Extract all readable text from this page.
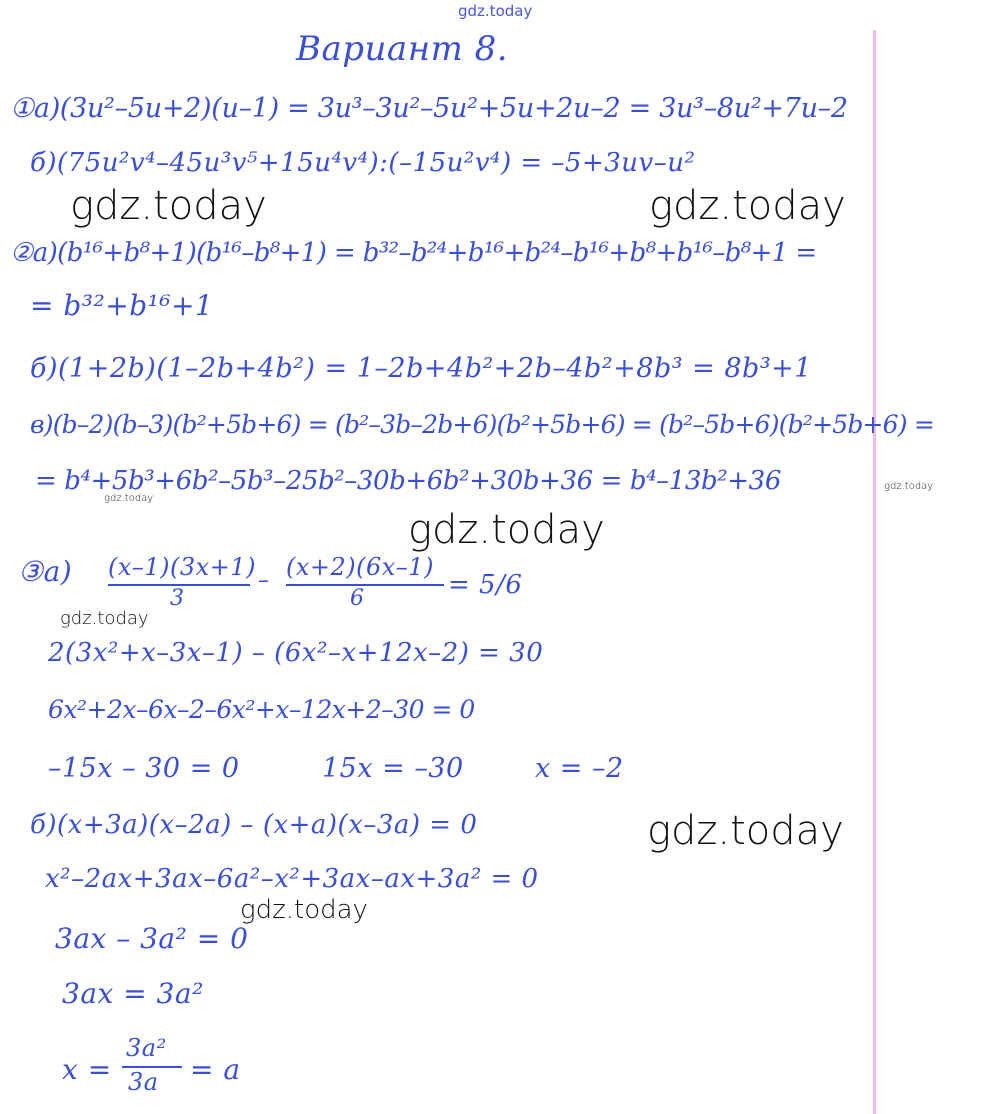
gdz.today
Вариант 8.
①а)(3u²–5u+2)(u–1) = 3u³–3u²–5u²+5u+2u–2 = 3u³–8u²+7u–2
б)(75u²v⁴–45u³v⁵+15u⁴v⁴):(–15u²v⁴) = –5+3uv–u²
gdz.today	gdz.today
②а)(b¹⁶+b⁸+1)(b¹⁶–b⁸+1) = b³²–b²⁴+b¹⁶+b²⁴–b¹⁶+b⁸+b¹⁶–b⁸+1 =
= b³²+b¹⁶+1
б)(1+2b)(1–2b+4b²) = 1–2b+4b²+2b–4b²+8b³ = 8b³+1
в)(b–2)(b–3)(b²+5b+6) = (b²–3b–2b+6)(b²+5b+6) = (b²–5b+6)(b²+5b+6) =
= b⁴+5b³+6b²–5b³–25b²–30b+6b²+30b+36 = b⁴–13b²+36
gdz.today
gdz.today
gdz.today
③а) (x–1)(3x+1)
3
– (x+2)(6x–1)
6	= 5/6
gdz.today
2(3x²+x–3x–1) – (6x²–x+12x–2) = 30
6x²+2x–6x–2–6x²+x–12x+2–30 = 0
–15x – 30 = 0	15x = –30	x = –2
б)(x+3a)(x–2a) – (x+a)(x–3a) = 0	gdz.today
x²–2ax+3ax–6a²–x²+3ax–ax+3a² = 0
gdz.today
3ax – 3a² = 0
3ax = 3a²
x =
3a²
3a = a
